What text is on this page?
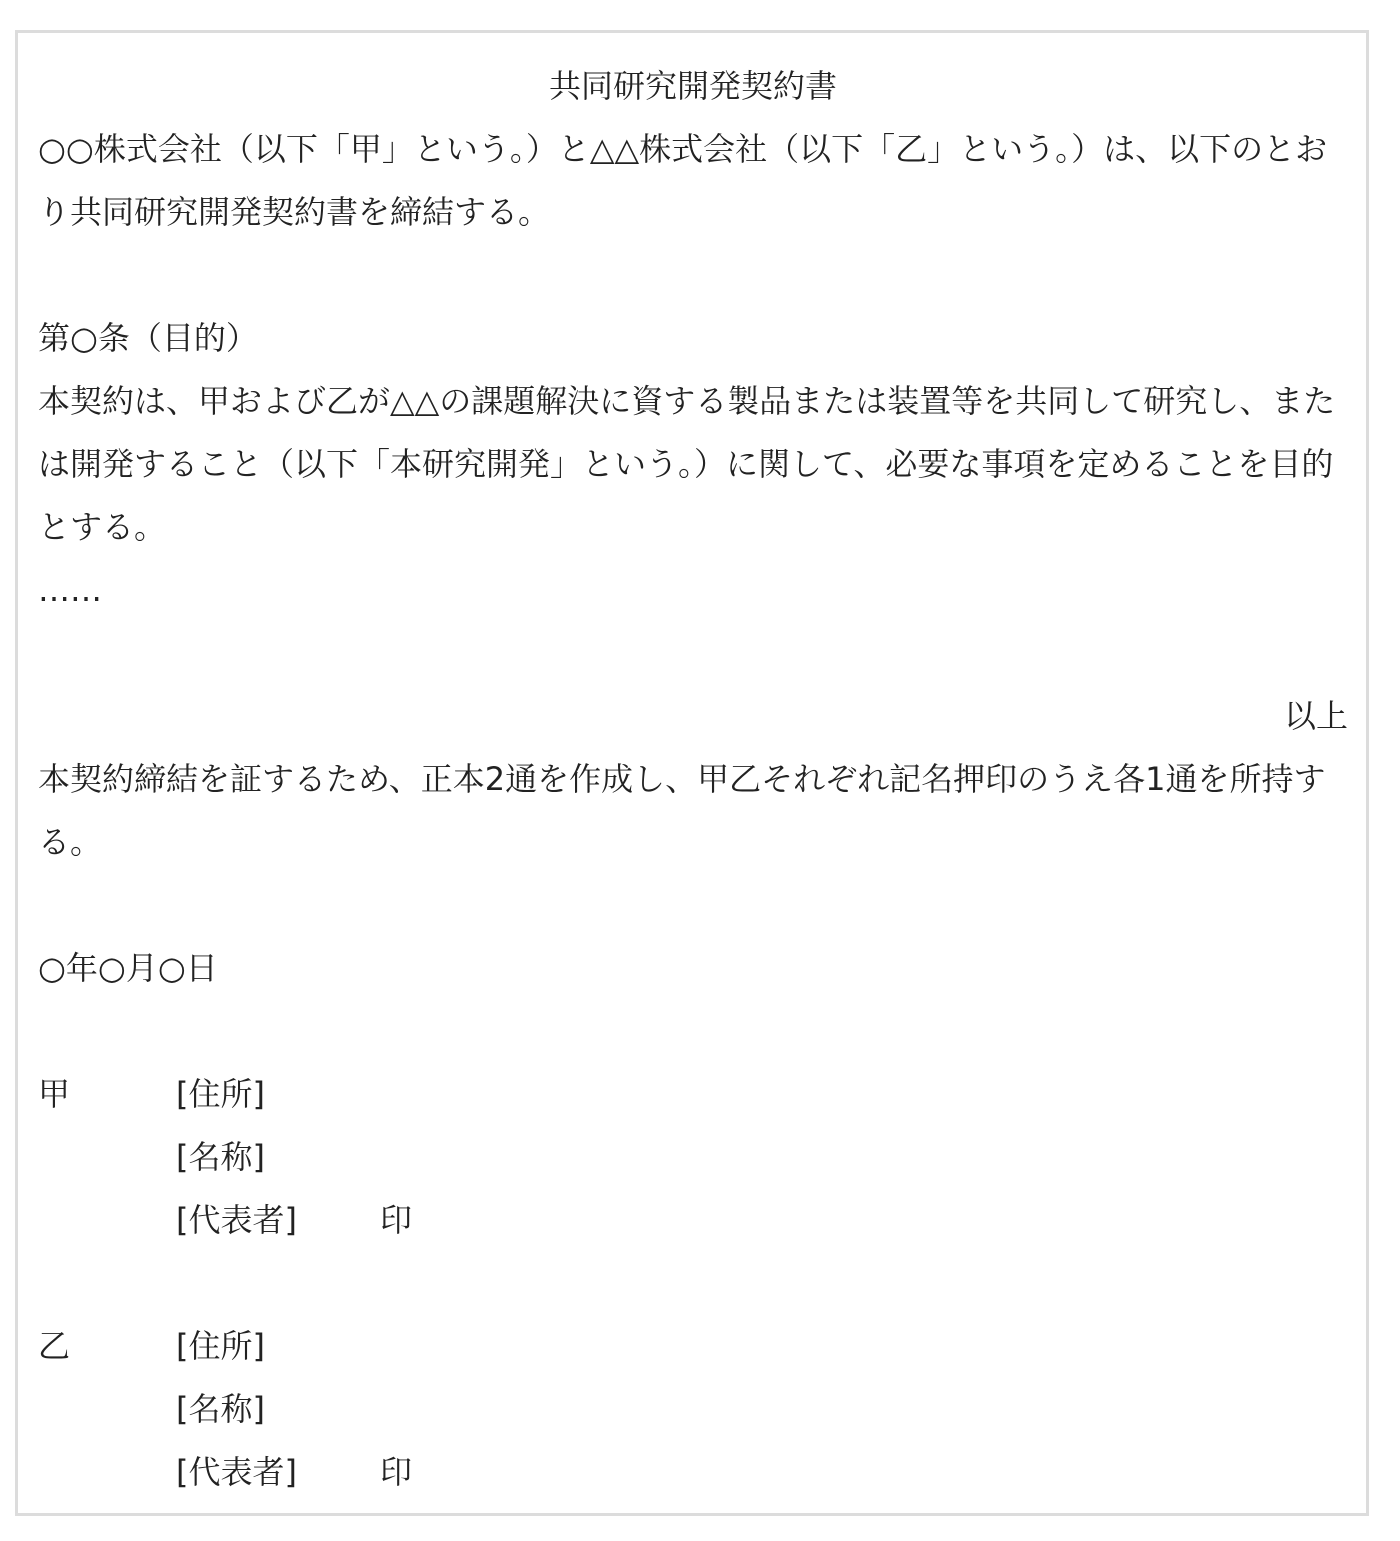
共同研究開発契約書

○○株式会社（以下「甲」という。）と△△株式会社（以下「乙」という。）は、以下のとおり共同研究開発契約書を締結する。

第○条（目的）

本契約は、甲および乙が△△の課題解決に資する製品または装置等を共同して研究し、または開発すること（以下「本研究開発」という。）に関して、必要な事項を定めることを目的とする。

……

以上

本契約締結を証するため、正本2通を作成し、甲乙それぞれ記名押印のうえ各1通を所持する。

○年○月○日

甲	[住所]
[名称]
[代表者]	印
乙	[住所]
[名称]
[代表者]	印
